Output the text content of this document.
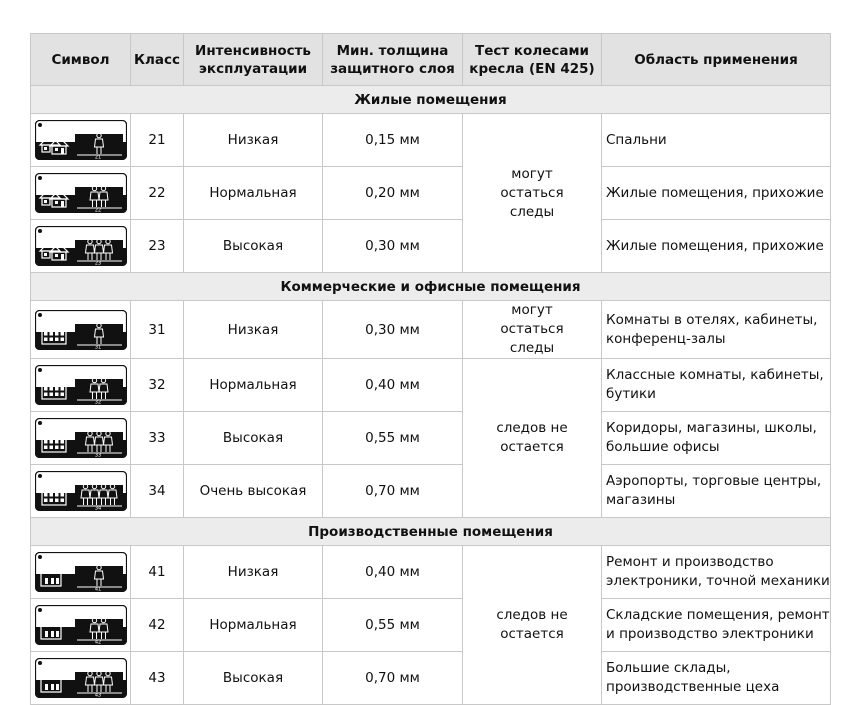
Символ	Класс	Интенсивность эксплуатации	Мин. толщина защитного слоя	Тест колесами кресла (EN 425)	Область применения
Жилые помещения					

21	21	Низкая	0,15 мм	могут остаться следы	Спальни

22	22	Нормальная	0,20 мм		Жилые помещения, прихожие

23	23	Высокая	0,30 мм		Жилые помещения, прихожие
Коммерческие и офисные помещения					

31	31	Низкая	0,30 мм	могут остаться следы	Комнаты в отелях, кабинеты, конференц-залы

32	32	Нормальная	0,40 мм	следов не остается	Классные комнаты, кабинеты, бутики

33	33	Высокая	0,55 мм		Коридоры, магазины, школы, большие офисы

34	34	Очень высокая	0,70 мм		Аэропорты, торговые центры, магазины
Производственные помещения					

41	41	Низкая	0,40 мм	следов не остается	Ремонт и производство электроники, точной механики

42	42	Нормальная	0,55 мм		Складские помещения, ремонт и производство электроники

43	43	Высокая	0,70 мм		Большие склады, производственные цеха
